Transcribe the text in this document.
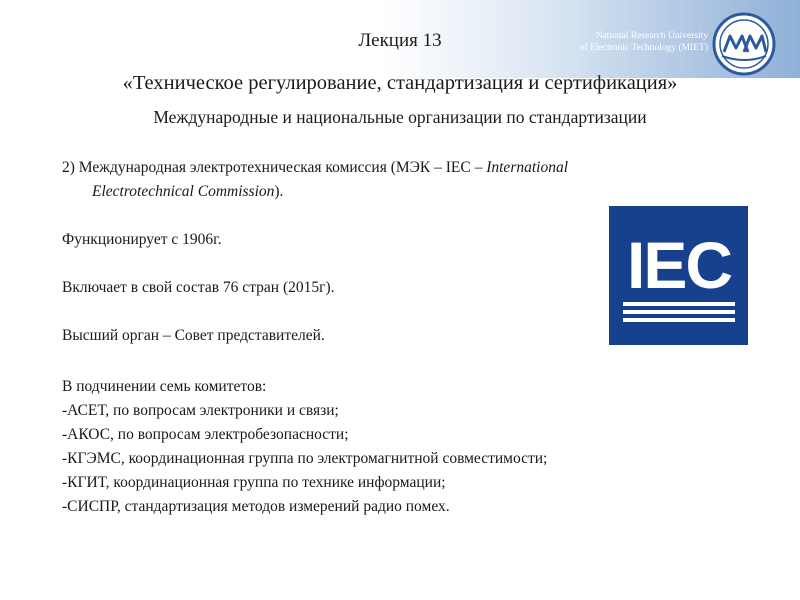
Лекция 13	National Research University
of Electronic Technology (MIET)
«Техническое регулирование, стандартизация и сертификация»
Международные и национальные организации по стандартизации
2) Международная электротехническая комиссия (МЭК – IEC – International
Electrotechnical Commission).
Функционирует с 1906г.
Включает в свой состав 76 стран (2015г).
Высший орган – Совет представителей.
В подчинении семь комитетов:
-АСЕТ, по вопросам электроники и связи;
-АКОС, по вопросам электробезопасности;
-КГЭМС, координационная группа по электромагнитной совместимости;
-КГИТ, координационная группа по технике информации;
-СИСПР, стандартизация методов измерений радио помех.
IEC
